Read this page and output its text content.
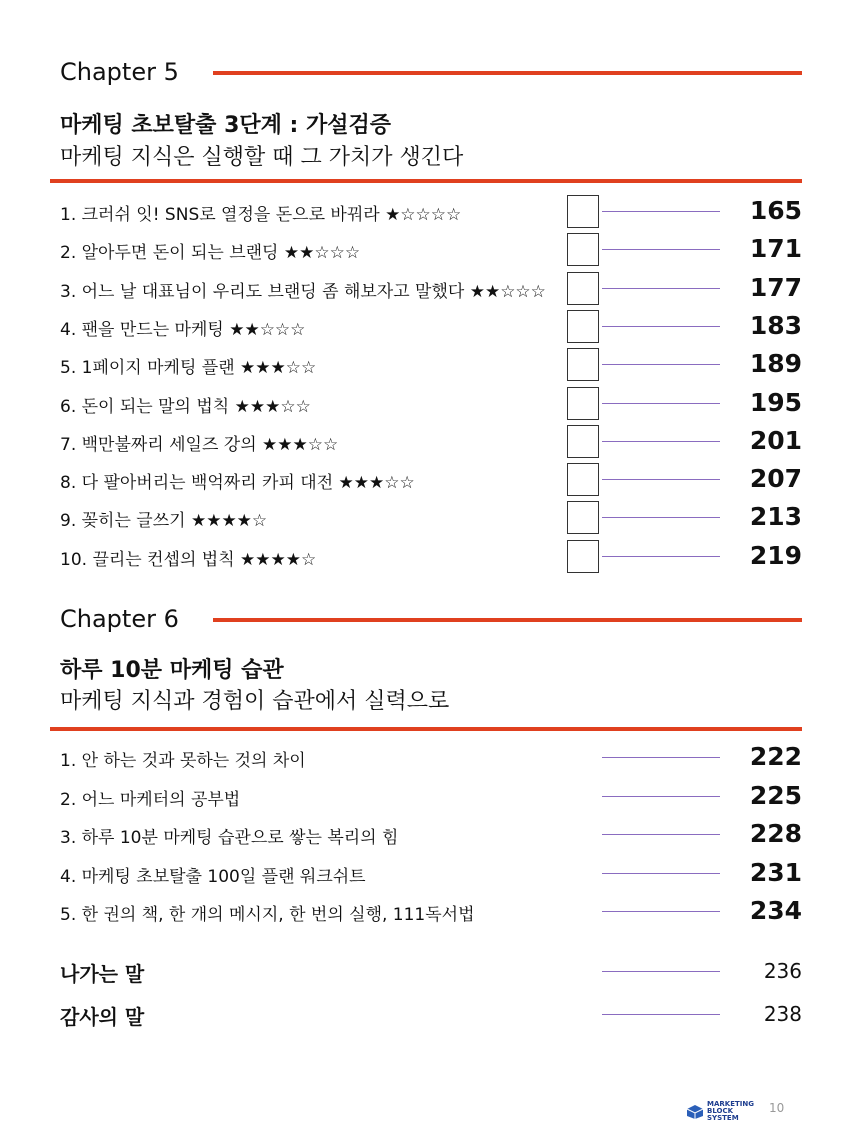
Chapter 5
마케팅 초보탈출 3단계 : 가설검증
마케팅 지식은 실행할 때 그 가치가 생긴다
1. 크러쉬 잇! SNS로 열정을 돈으로 바꿔라 ★☆☆☆☆	165
2. 알아두면 돈이 되는 브랜딩 ★★☆☆☆	171
3. 어느 날 대표님이 우리도 브랜딩 좀 해보자고 말했다 ★★☆☆☆	177
4. 팬을 만드는 마케팅 ★★☆☆☆	183
5. 1페이지 마케팅 플랜 ★★★☆☆	189
6. 돈이 되는 말의 법칙 ★★★☆☆	195
7. 백만불짜리 세일즈 강의 ★★★☆☆	201
8. 다 팔아버리는 백억짜리 카피 대전 ★★★☆☆	207
9. 꽂히는 글쓰기 ★★★★☆	213
10. 끌리는 컨셉의 법칙 ★★★★☆	219
Chapter 6
하루 10분 마케팅 습관
마케팅 지식과 경험이 습관에서 실력으로
1. 안 하는 것과 못하는 것의 차이	222
2. 어느 마케터의 공부법	225
3. 하루 10분 마케팅 습관으로 쌓는 복리의 힘	228
4. 마케팅 초보탈출 100일 플랜 워크쉬트	231
5. 한 권의 책, 한 개의 메시지, 한 번의 실행, 111독서법	234
나가는 말	236
감사의 말	238
MARKETING
BLOCK
SYSTEM
10
